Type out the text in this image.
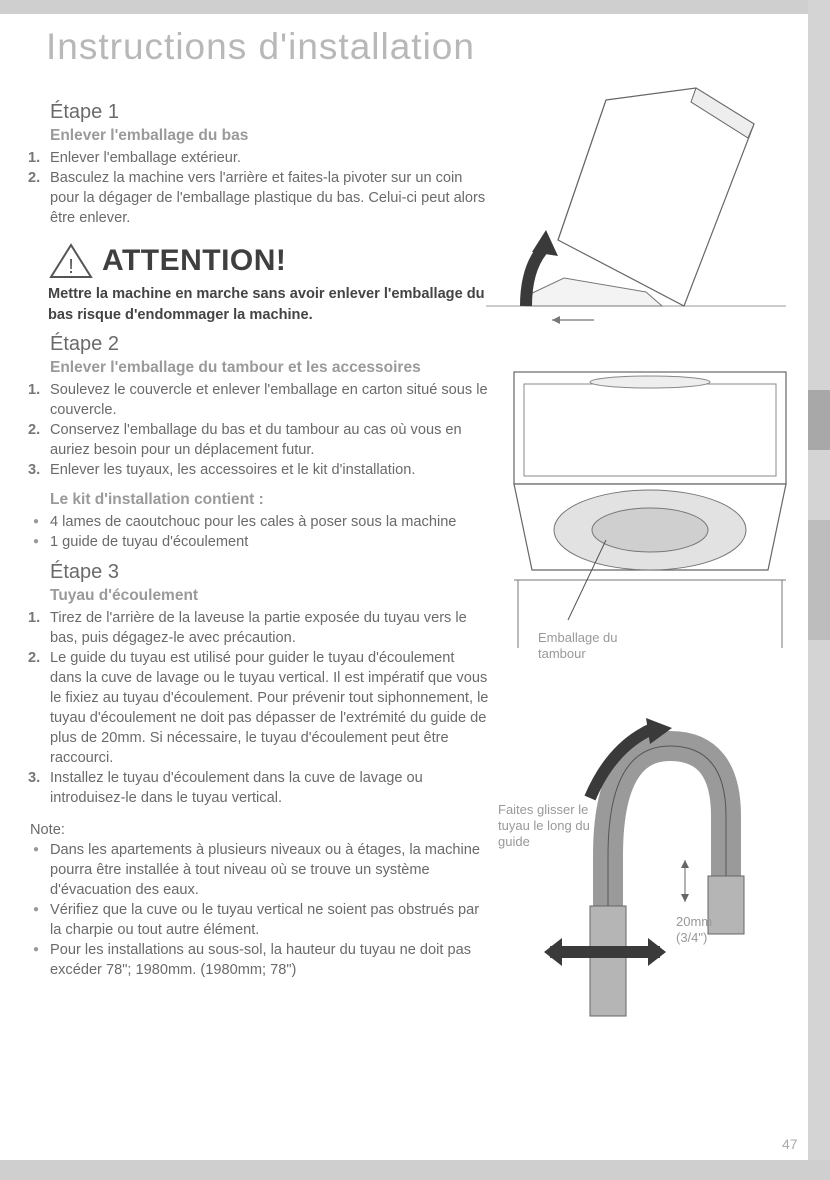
Instructions d'installation
Étape 1
Enlever l'emballage du bas
1. Enlever l'emballage extérieur.
2. Basculez la machine vers l'arrière et faites-la pivoter sur un coin pour la dégager de l'emballage plastique du bas. Celui-ci peut alors être enlever.
! ATTENTION!
Mettre la machine en marche sans avoir enlever l'emballage du bas risque d'endommager la machine.
Étape 2
Enlever l'emballage du tambour et les accessoires
1. Soulevez le couvercle et enlever l'emballage en carton situé sous le couvercle.
2. Conservez l'emballage du bas et du tambour au cas où vous en auriez besoin pour un déplacement futur.
3. Enlever les tuyaux, les accessoires et le kit d'installation.
Le kit d'installation contient :
● 4 lames de caoutchouc pour les cales à poser sous la machine
● 1 guide de tuyau d'écoulement
Étape 3
Tuyau d'écoulement
1. Tirez de l'arrière de la laveuse la partie exposée du tuyau vers le bas, puis dégagez-le avec précaution.
2. Le guide du tuyau est utilisé pour guider le tuyau d'écoulement dans la cuve de lavage ou le tuyau vertical. Il est impératif que vous le fixiez au tuyau d'écoulement. Pour prévenir tout siphonnement, le tuyau d'écoulement ne doit pas dépasser de l'extrémité du guide de plus de 20mm. Si nécessaire, le tuyau d'écoulement peut être raccourci.
3. Installez le tuyau d'écoulement dans la cuve de lavage ou introduisez-le dans le tuyau vertical.
Note:
● Dans les apartements à plusieurs niveaux ou à étages, la machine pourra être installée à tout niveau où se trouve un système d'évacuation des eaux.
● Vérifiez que la cuve ou le tuyau vertical ne soient pas obstrués par la charpie ou tout autre élément.
● Pour les installations au sous-sol, la hauteur du tuyau ne doit pas excéder 78"; 1980mm. (1980mm; 78")
Emballage du tambour
Faites glisser le tuyau le long du guide
20mm
(3/4")
47
